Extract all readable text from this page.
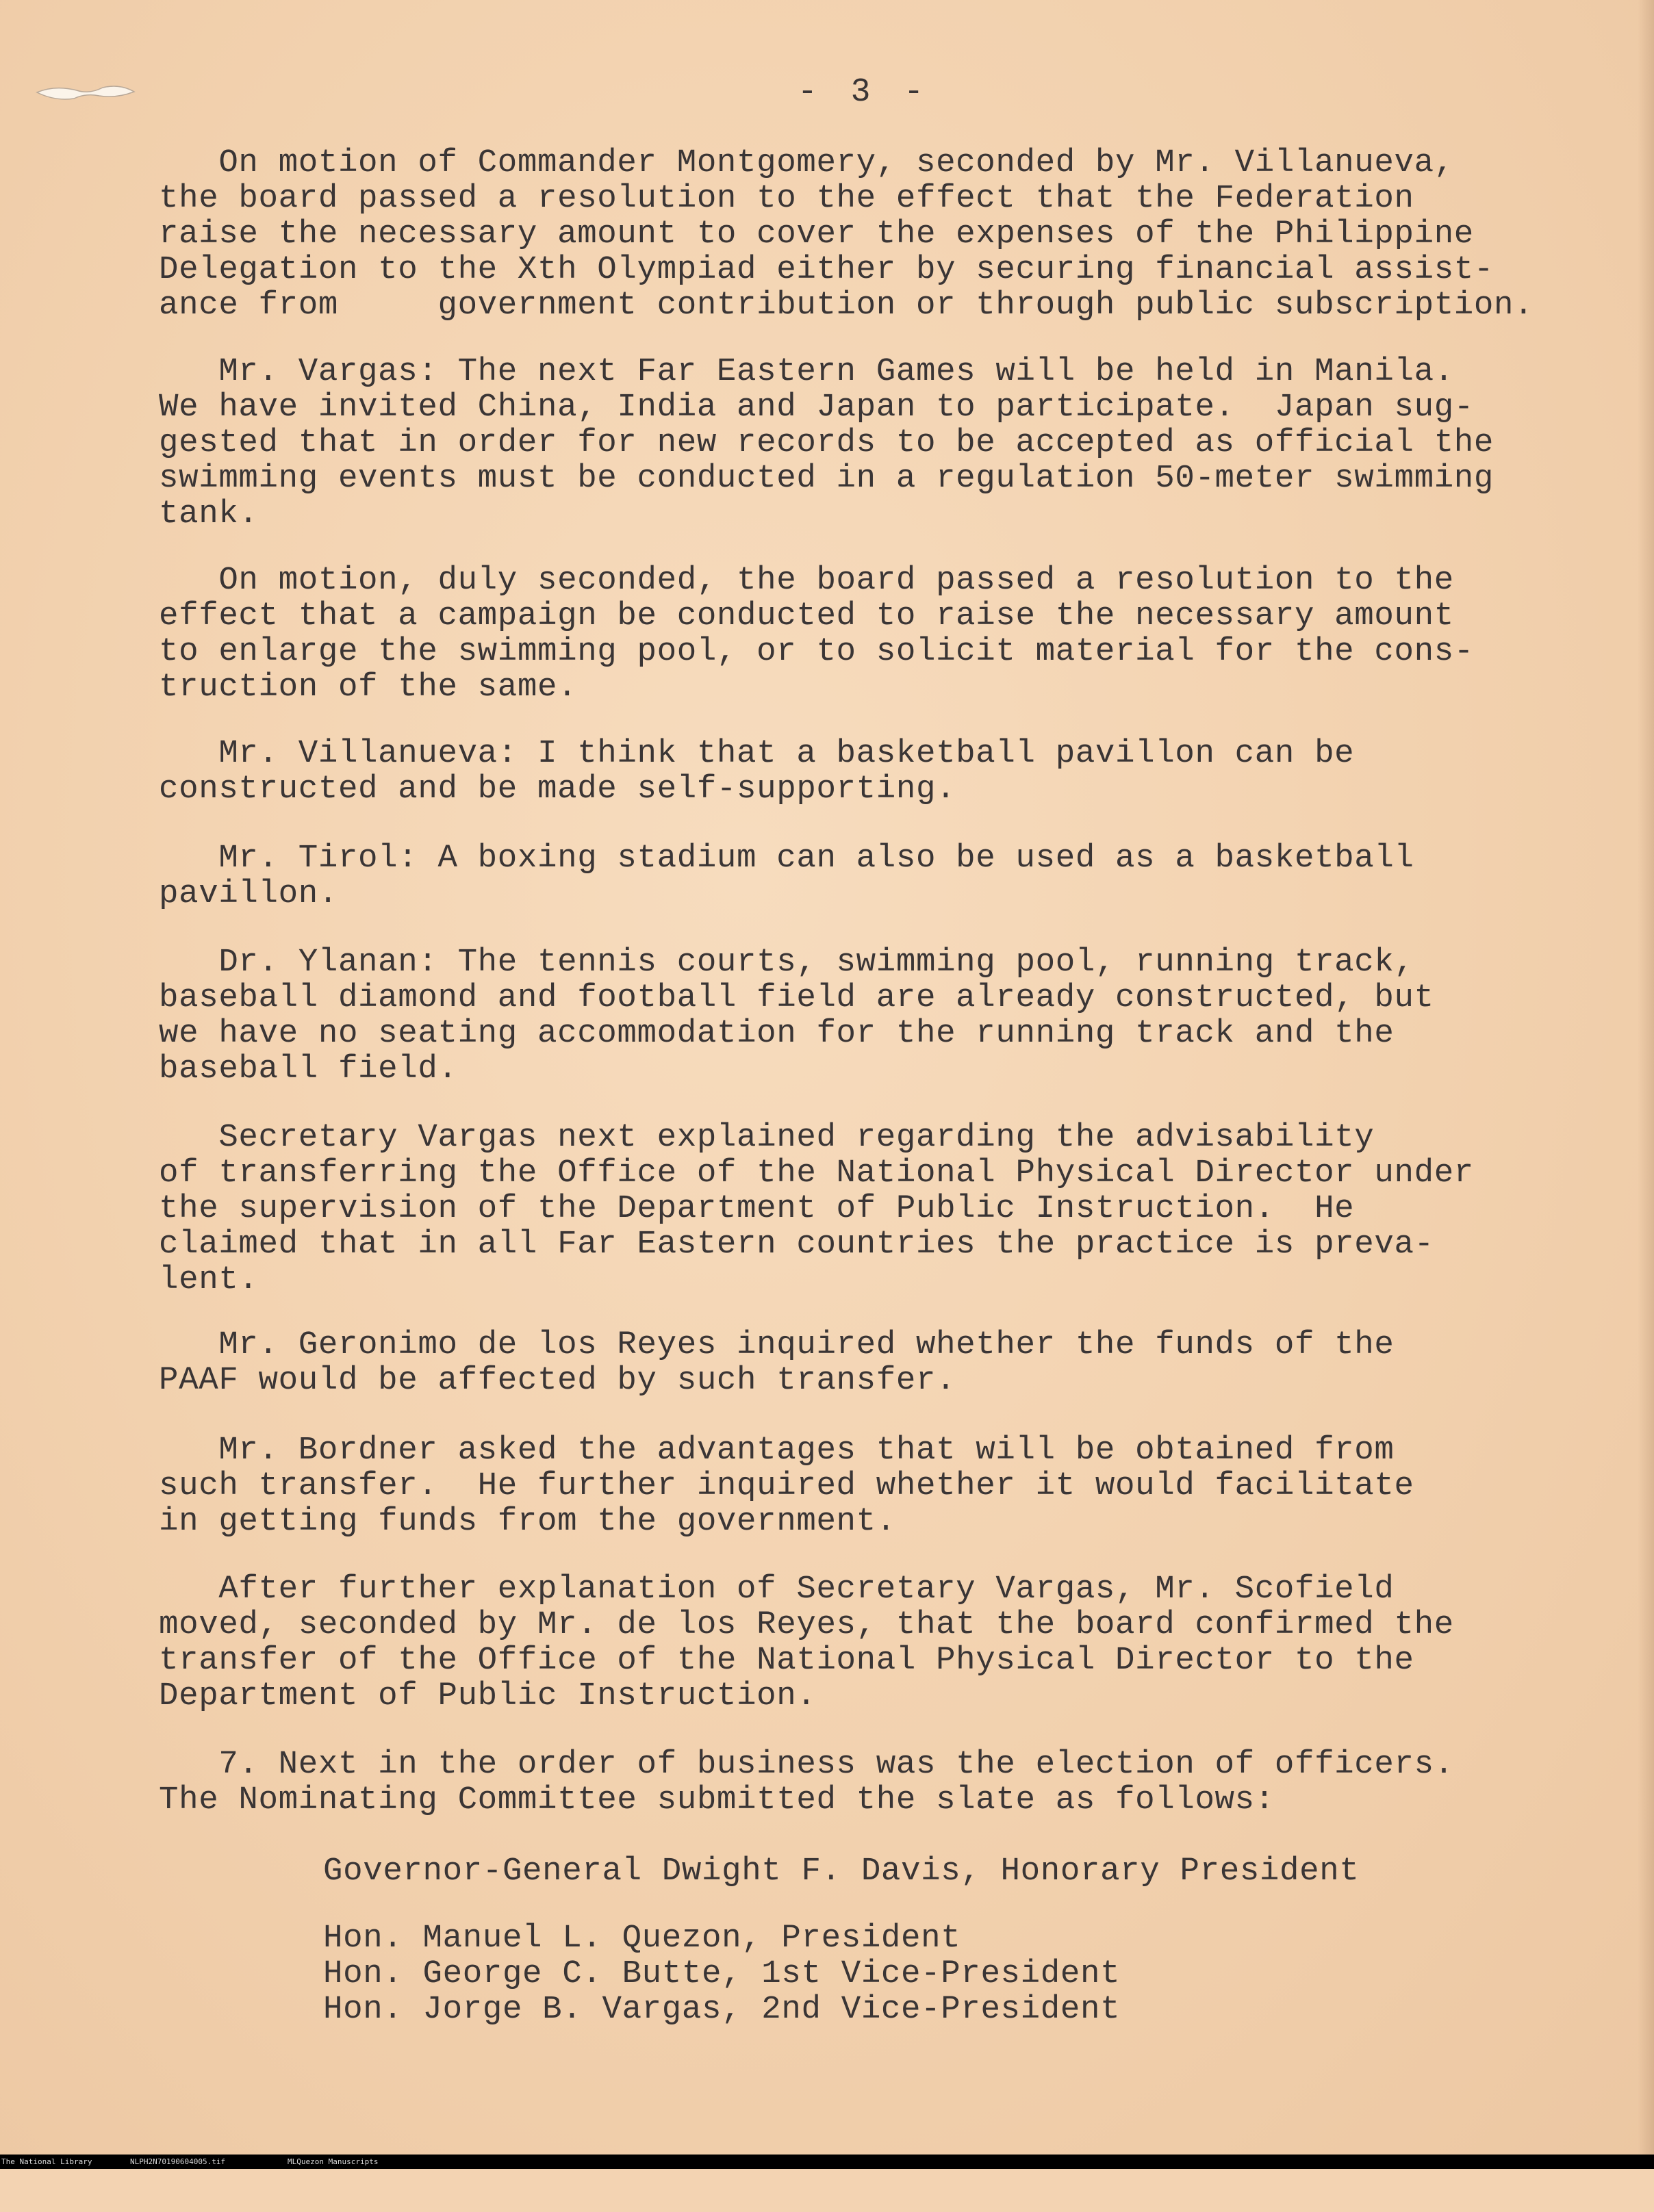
- 3 -

On motion of Commander Montgomery, seconded by Mr. Villanueva,

the board passed a resolution to the effect that the Federation

raise the necessary amount to cover the expenses of the Philippine

Delegation to the Xth Olympiad either by securing financial assist-

ance from     government contribution or through public subscription.

Mr. Vargas: The next Far Eastern Games will be held in Manila.

We have invited China, India and Japan to participate.  Japan sug-

gested that in order for new records to be accepted as official the

swimming events must be conducted in a regulation 50-meter swimming

tank.

On motion, duly seconded, the board passed a resolution to the

effect that a campaign be conducted to raise the necessary amount

to enlarge the swimming pool, or to solicit material for the cons-

truction of the same.

Mr. Villanueva: I think that a basketball pavillon can be

constructed and be made self-supporting.

Mr. Tirol: A boxing stadium can also be used as a basketball

pavillon.

Dr. Ylanan: The tennis courts, swimming pool, running track,

baseball diamond and football field are already constructed, but

we have no seating accommodation for the running track and the

baseball field.

Secretary Vargas next explained regarding the advisability

of transferring the Office of the National Physical Director under

the supervision of the Department of Public Instruction.  He

claimed that in all Far Eastern countries the practice is preva-

lent.

Mr. Geronimo de los Reyes inquired whether the funds of the

PAAF would be affected by such transfer.

Mr. Bordner asked the advantages that will be obtained from

such transfer.  He further inquired whether it would facilitate

in getting funds from the government.

After further explanation of Secretary Vargas, Mr. Scofield

moved, seconded by Mr. de los Reyes, that the board confirmed the

transfer of the Office of the National Physical Director to the

Department of Public Instruction.

7. Next in the order of business was the election of officers.

The Nominating Committee submitted the slate as follows:

Governor-General Dwight F. Davis, Honorary President

Hon. Manuel L. Quezon, President

Hon. George C. Butte, 1st Vice-President

Hon. Jorge B. Vargas, 2nd Vice-President

The National Library

	NLPH2N70190604005.tif

	MLQuezon Manuscripts
